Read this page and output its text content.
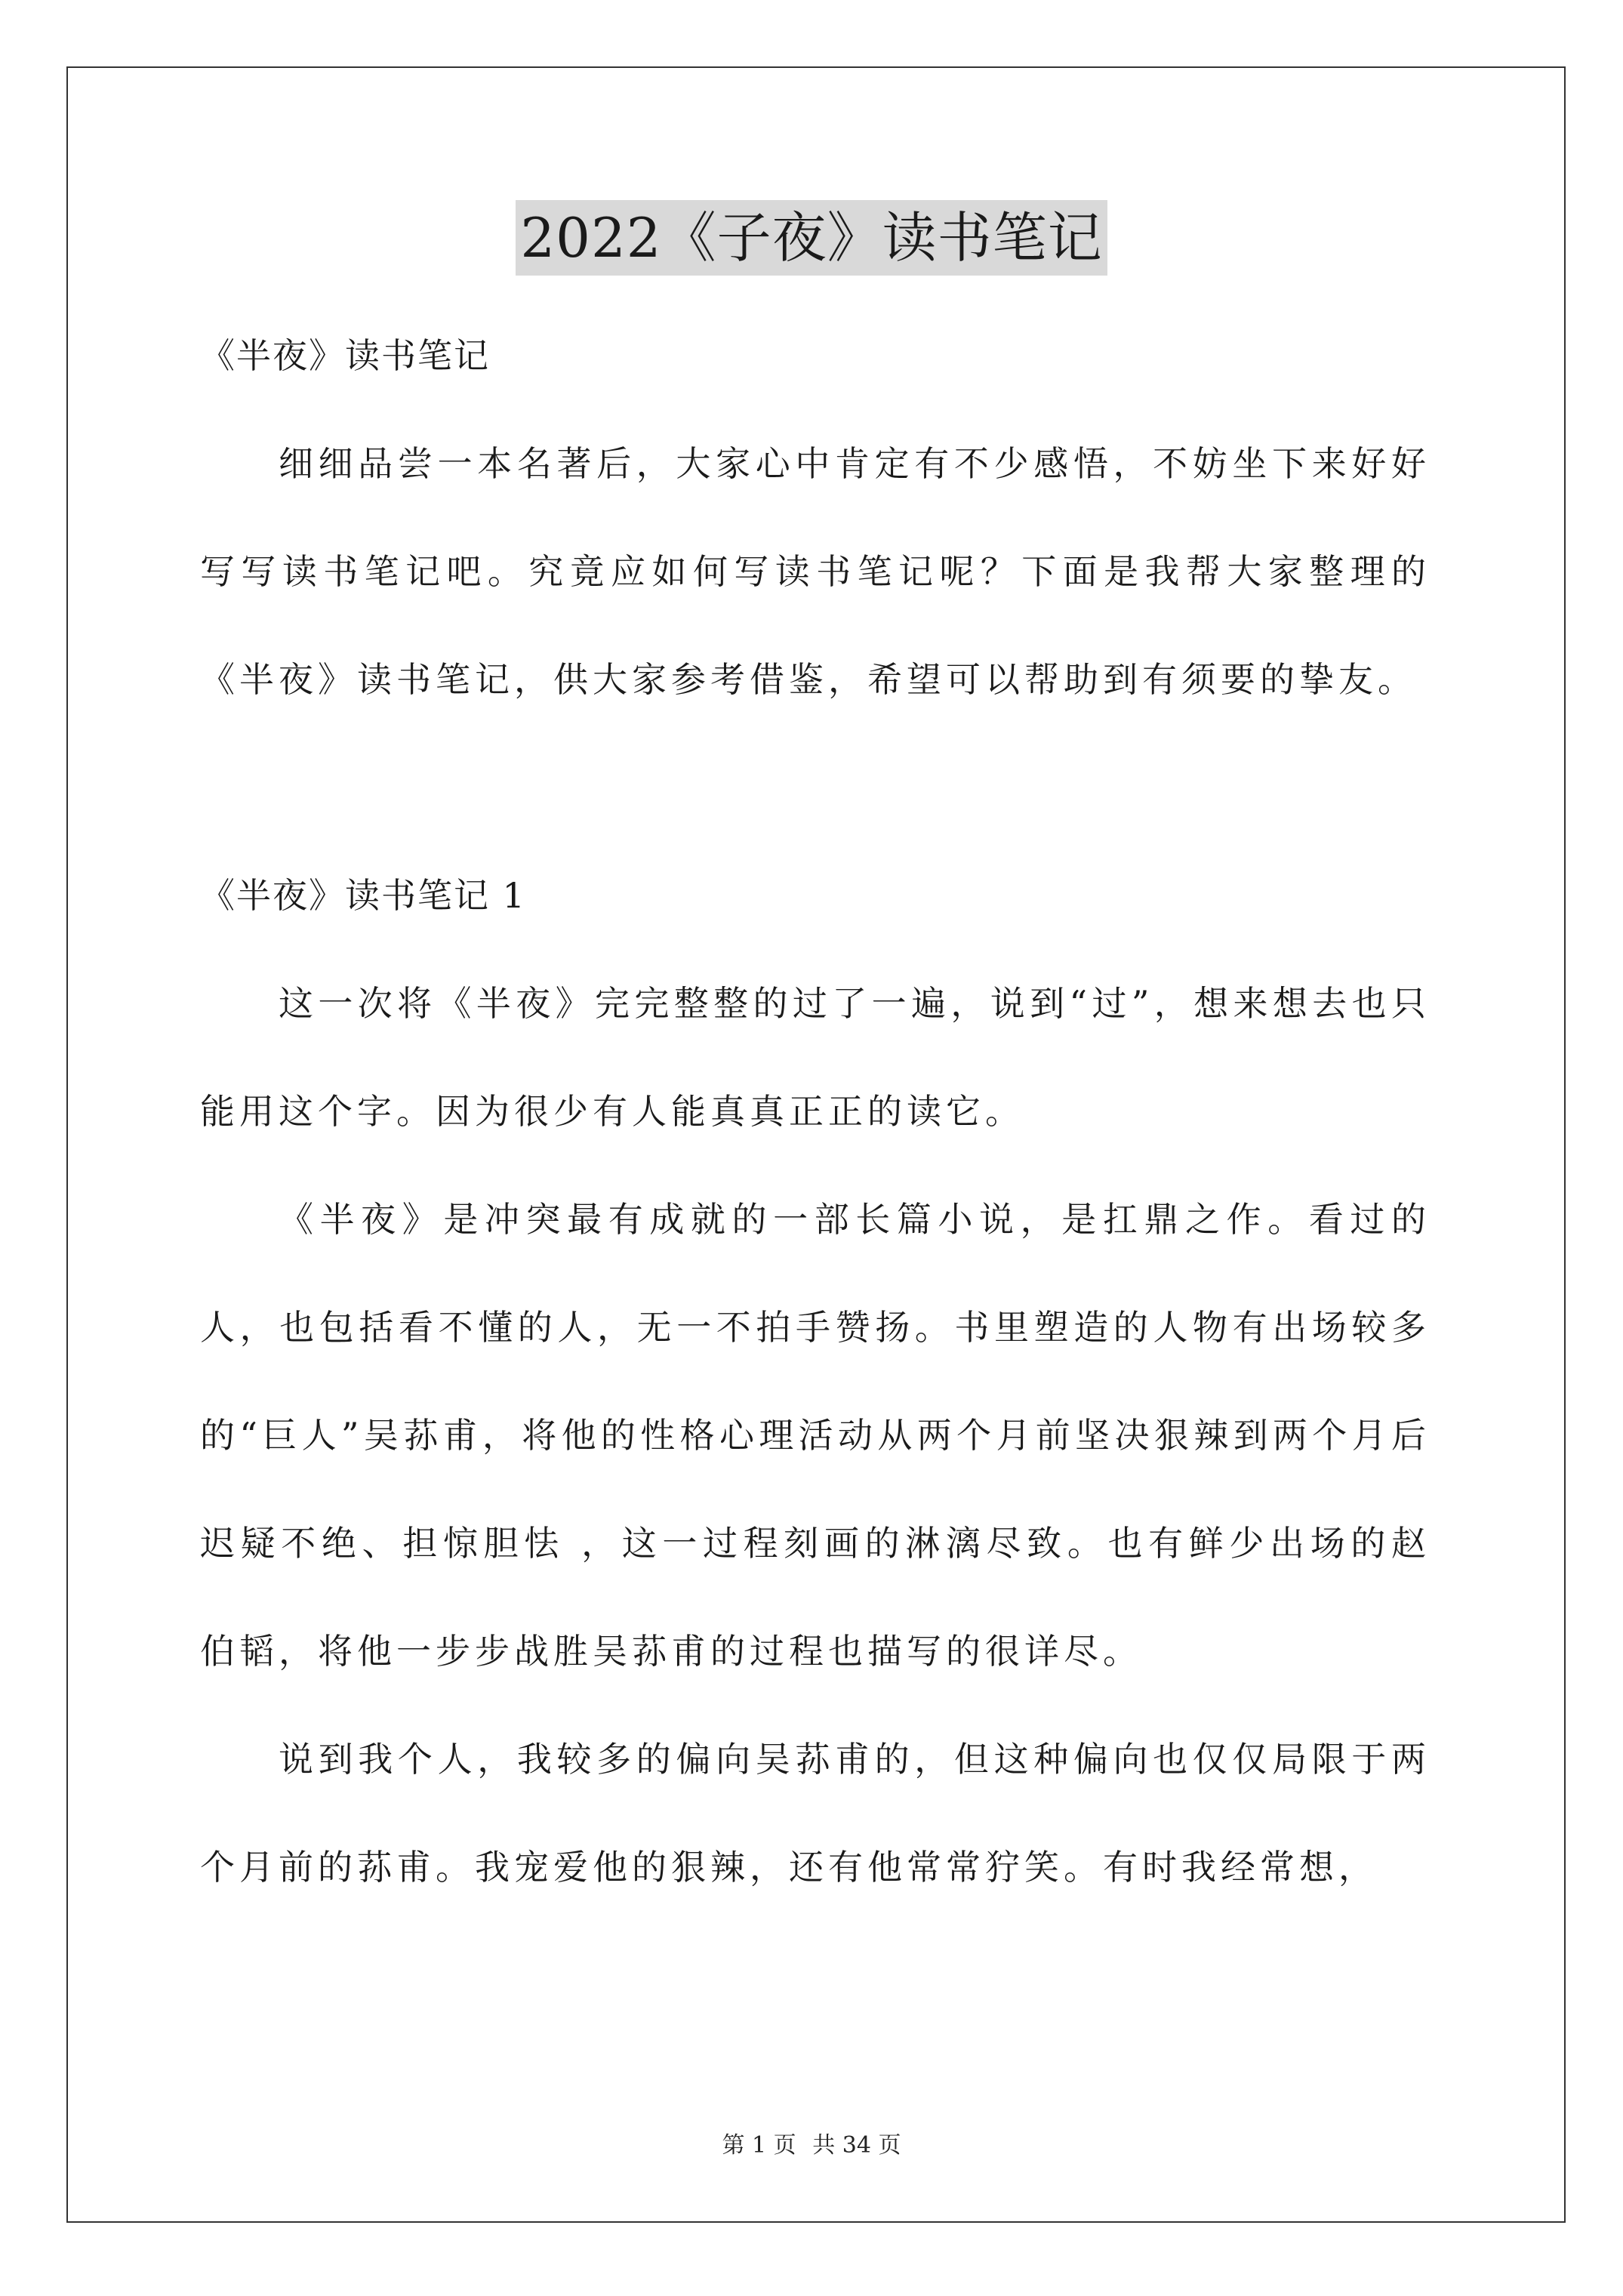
2022《子夜》读书笔记

《半夜》读书笔记

细细品尝一本名著后，大家心中肯定有不少感悟，不妨坐下来好好写写读书笔记吧。究竟应如何写读书笔记呢？下面是我帮大家整理的《半夜》读书笔记，供大家参考借鉴，希望可以帮助到有须要的挚友。

《半夜》读书笔记 1

这一次将《半夜》完完整整的过了一遍，说到“过”，想来想去也只能用这个字。因为很少有人能真真正正的读它。

《半夜》是冲突最有成就的一部长篇小说，是扛鼎之作。看过的人，也包括看不懂的人，无一不拍手赞扬。书里塑造的人物有出场较多的“巨人”吴荪甫，将他的性格心理活动从两个月前坚决狠辣到两个月后迟疑不绝、担惊胆怯 ，这一过程刻画的淋漓尽致。也有鲜少出场的赵伯韬，将他一步步战胜吴荪甫的过程也描写的很详尽。

说到我个人，我较多的偏向吴荪甫的，但这种偏向也仅仅局限于两个月前的荪甫。我宠爱他的狠辣，还有他常常狞笑。有时我经常想，

第 1 页 共 34 页
